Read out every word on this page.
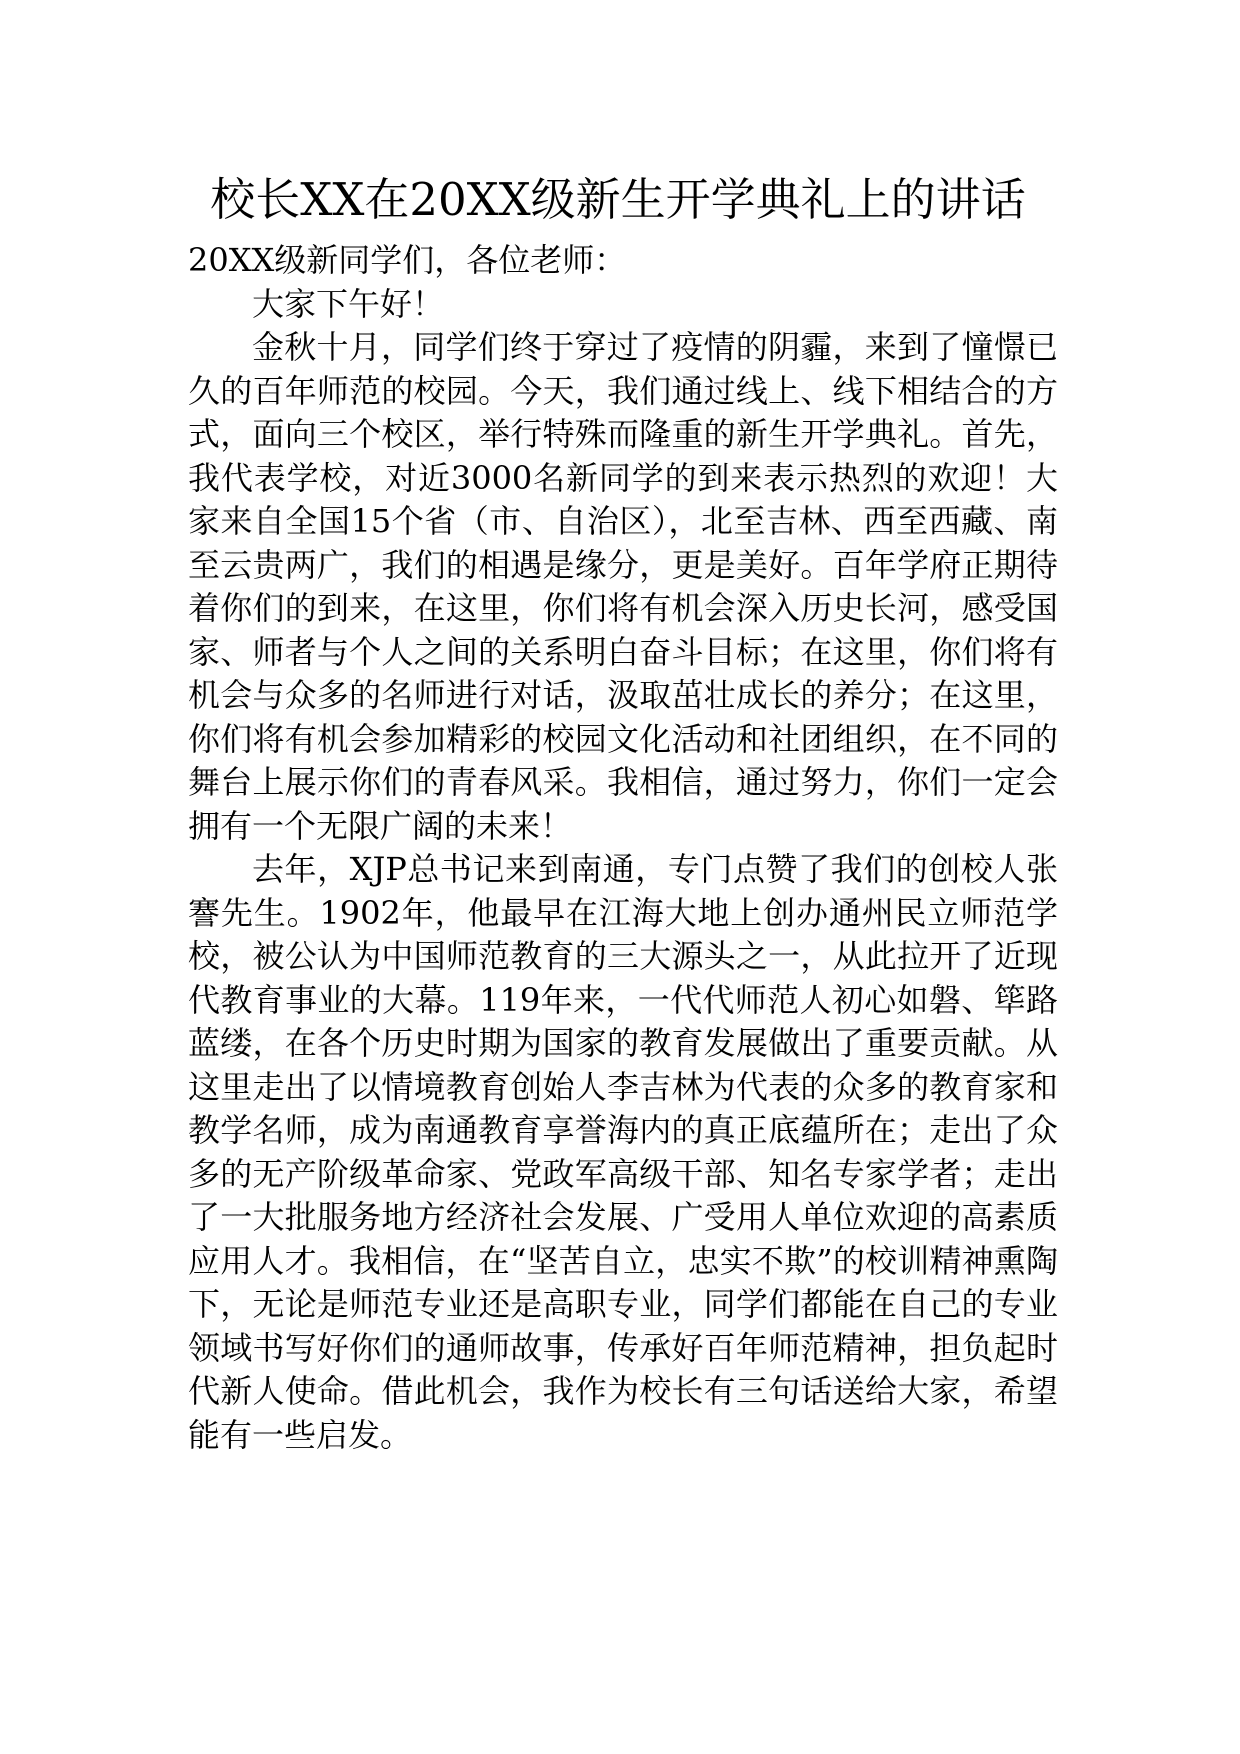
校长XX在20XX级新生开学典礼上的讲话

20XX级新同学们，各位老师：

大家下午好！

金秋十月，同学们终于穿过了疫情的阴霾，来到了憧憬已久的百年师范的校园。今天，我们通过线上、线下相结合的方式，面向三个校区，举行特殊而隆重的新生开学典礼。首先，我代表学校，对近3000名新同学的到来表示热烈的欢迎！大家来自全国15个省（市、自治区），北至吉林、西至西藏、南至云贵两广，我们的相遇是缘分，更是美好。百年学府正期待着你们的到来，在这里，你们将有机会深入历史长河，感受国家、师者与个人之间的关系明白奋斗目标；在这里，你们将有机会与众多的名师进行对话，汲取茁壮成长的养分；在这里，你们将有机会参加精彩的校园文化活动和社团组织，在不同的舞台上展示你们的青春风采。我相信，通过努力，你们一定会拥有一个无限广阔的未来！

去年，XJP总书记来到南通，专门点赞了我们的创校人张謇先生。1902年，他最早在江海大地上创办通州民立师范学校，被公认为中国师范教育的三大源头之一，从此拉开了近现代教育事业的大幕。119年来，一代代师范人初心如磐、筚路蓝缕，在各个历史时期为国家的教育发展做出了重要贡献。从这里走出了以情境教育创始人李吉林为代表的众多的教育家和教学名师，成为南通教育享誉海内的真正底蕴所在；走出了众多的无产阶级革命家、党政军高级干部、知名专家学者；走出了一大批服务地方经济社会发展、广受用人单位欢迎的高素质应用人才。我相信，在“坚苦自立，忠实不欺”的校训精神熏陶下，无论是师范专业还是高职专业，同学们都能在自己的专业领域书写好你们的通师故事，传承好百年师范精神，担负起时代新人使命。借此机会，我作为校长有三句话送给大家，希望能有一些启发。
